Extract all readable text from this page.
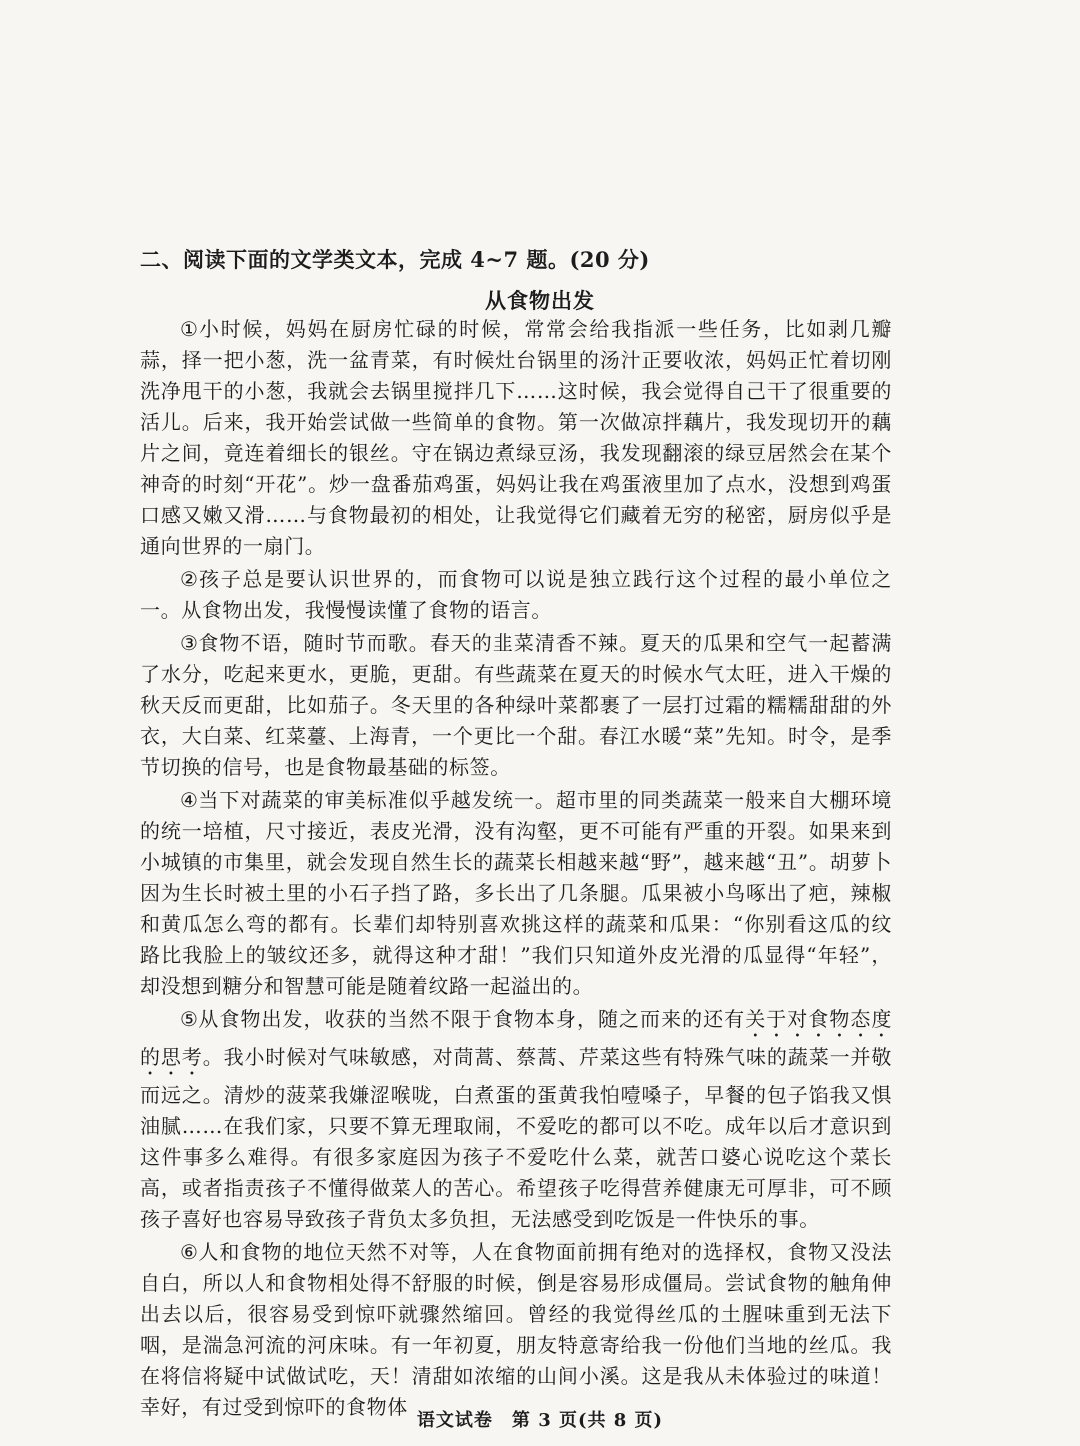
二、阅读下面的文学类文本，完成 4~7 题。(20 分)
从食物出发

①小时候，妈妈在厨房忙碌的时候，常常会给我指派一些任务，比如剥几瓣蒜，择一把小葱，洗一盆青菜，有时候灶台锅里的汤汁正要收浓，妈妈正忙着切刚洗净甩干的小葱，我就会去锅里搅拌几下……这时候，我会觉得自己干了很重要的活儿。后来，我开始尝试做一些简单的食物。第一次做凉拌藕片，我发现切开的藕片之间，竟连着细长的银丝。守在锅边煮绿豆汤，我发现翻滚的绿豆居然会在某个神奇的时刻“开花”。炒一盘番茄鸡蛋，妈妈让我在鸡蛋液里加了点水，没想到鸡蛋口感又嫩又滑……与食物最初的相处，让我觉得它们藏着无穷的秘密，厨房似乎是通向世界的一扇门。

②孩子总是要认识世界的，而食物可以说是独立践行这个过程的最小单位之一。从食物出发，我慢慢读懂了食物的语言。

③食物不语，随时节而歌。春天的韭菜清香不辣。夏天的瓜果和空气一起蓄满了水分，吃起来更水，更脆，更甜。有些蔬菜在夏天的时候水气太旺，进入干燥的秋天反而更甜，比如茄子。冬天里的各种绿叶菜都裹了一层打过霜的糯糯甜甜的外衣，大白菜、红菜薹、上海青，一个更比一个甜。春江水暖“菜”先知。时令，是季节切换的信号，也是食物最基础的标签。

④当下对蔬菜的审美标准似乎越发统一。超市里的同类蔬菜一般来自大棚环境的统一培植，尺寸接近，表皮光滑，没有沟壑，更不可能有严重的开裂。如果来到小城镇的市集里，就会发现自然生长的蔬菜长相越来越“野”，越来越“丑”。胡萝卜因为生长时被土里的小石子挡了路，多长出了几条腿。瓜果被小鸟啄出了疤，辣椒和黄瓜怎么弯的都有。长辈们却特别喜欢挑这样的蔬菜和瓜果：“你别看这瓜的纹路比我脸上的皱纹还多，就得这种才甜！”我们只知道外皮光滑的瓜显得“年轻”，却没想到糖分和智慧可能是随着纹路一起溢出的。

⑤从食物出发，收获的当然不限于食物本身，随之而来的还有关于对食物态度的思考。我小时候对气味敏感，对茼蒿、蔡蒿、芹菜这些有特殊气味的蔬菜一并敬而远之。清炒的菠菜我嫌涩喉咙，白煮蛋的蛋黄我怕噎嗓子，早餐的包子馅我又惧油腻……在我们家，只要不算无理取闹，不爱吃的都可以不吃。成年以后才意识到这件事多么难得。有很多家庭因为孩子不爱吃什么菜，就苦口婆心说吃这个菜长高，或者指责孩子不懂得做菜人的苦心。希望孩子吃得营养健康无可厚非，可不顾孩子喜好也容易导致孩子背负太多负担，无法感受到吃饭是一件快乐的事。

⑥人和食物的地位天然不对等，人在食物面前拥有绝对的选择权，食物又没法自白，所以人和食物相处得不舒服的时候，倒是容易形成僵局。尝试食物的触角伸出去以后，很容易受到惊吓就骤然缩回。曾经的我觉得丝瓜的土腥味重到无法下咽，是湍急河流的河床味。有一年初夏，朋友特意寄给我一份他们当地的丝瓜。我在将信将疑中试做试吃，天！清甜如浓缩的山间小溪。这是我从未体验过的味道！幸好，有过受到惊吓的食物体

语文试卷　第 3 页(共 8 页)
